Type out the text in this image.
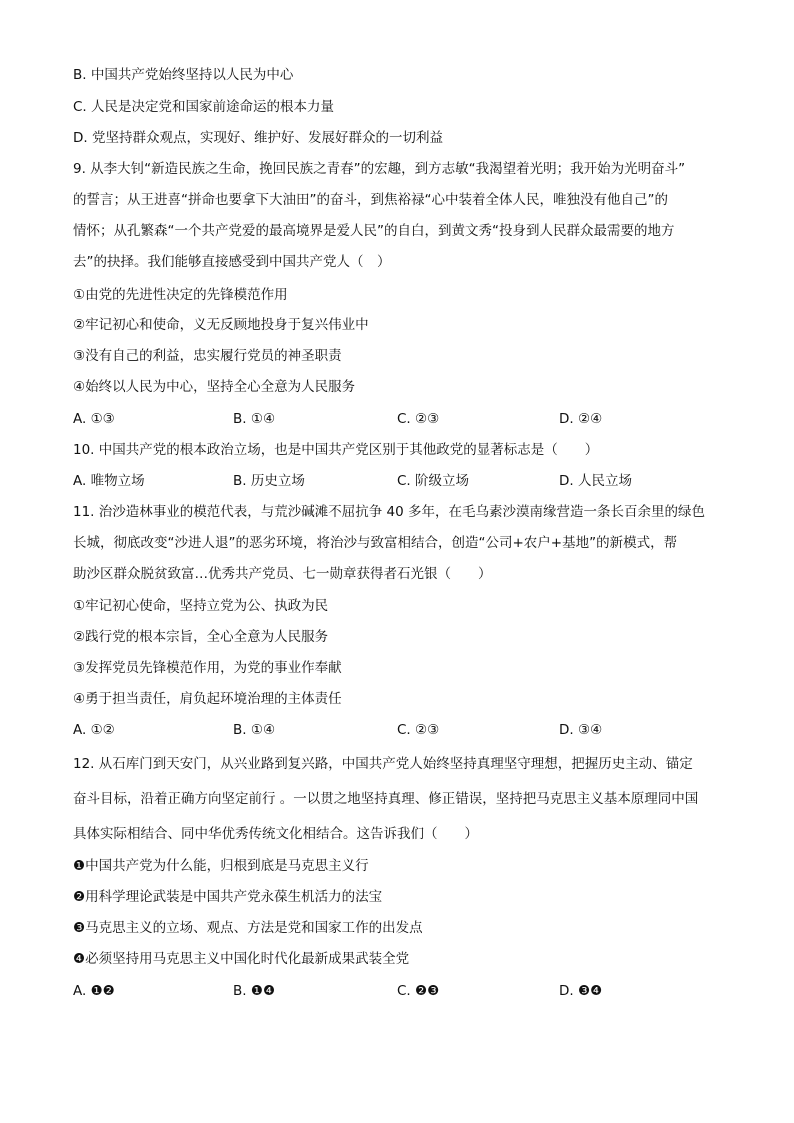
B. 中国共产党始终坚持以人民为中心
C. 人民是决定党和国家前途命运的根本力量
D. 党坚持群众观点，实现好、维护好、发展好群众的一切利益
9. 从李大钊“新造民族之生命，挽回民族之青春”的宏趣，到方志敏“我渴望着光明；我开始为光明奋斗”
的誓言；从王进喜“拼命也要拿下大油田”的奋斗，到焦裕禄“心中装着全体人民，唯独没有他自己”的
情怀；从孔繁森“一个共产党爱的最高境界是爱人民”的自白，到黄文秀“投身到人民群众最需要的地方
去”的抉择。我们能够直接感受到中国共产党人（　）
①由党的先进性决定的先锋模范作用
②牢记初心和使命，义无反顾地投身于复兴伟业中
③没有自己的利益，忠实履行党员的神圣职责
④始终以人民为中心，坚持全心全意为人民服务
A. ①③	B. ①④	C. ②③	D. ②④
10. 中国共产党的根本政治立场，也是中国共产党区别于其他政党的显著标志是（　　）
A. 唯物立场	B. 历史立场	C. 阶级立场	D. 人民立场
11. 治沙造林事业的模范代表，与荒沙碱滩不屈抗争 40 多年，在毛乌素沙漠南缘营造一条长百余里的绿色
长城，彻底改变“沙进人退”的恶劣环境，将治沙与致富相结合，创造“公司+农户+基地”的新模式，帮
助沙区群众脱贫致富…优秀共产党员、七一勋章获得者石光银（　　）
①牢记初心使命，坚持立党为公、执政为民
②践行党的根本宗旨，全心全意为人民服务
③发挥党员先锋模范作用，为党的事业作奉献
④勇于担当责任，肩负起环境治理的主体责任
A. ①②	B. ①④	C. ②③	D. ③④
12. 从石库门到天安门，从兴业路到复兴路，中国共产党人始终坚持真理坚守理想，把握历史主动、锚定
奋斗目标，沿着正确方向坚定前行 。一以贯之地坚持真理、修正错误，坚持把马克思主义基本原理同中国
具体实际相结合、同中华优秀传统文化相结合。这告诉我们（　　）
❶中国共产党为什么能，归根到底是马克思主义行
❷用科学理论武装是中国共产党永葆生机活力的法宝
❸马克思主义的立场、观点、方法是党和国家工作的出发点
❹必须坚持用马克思主义中国化时代化最新成果武装全党
A. ❶❷	B. ❶❹	C. ❷❸	D. ❸❹
